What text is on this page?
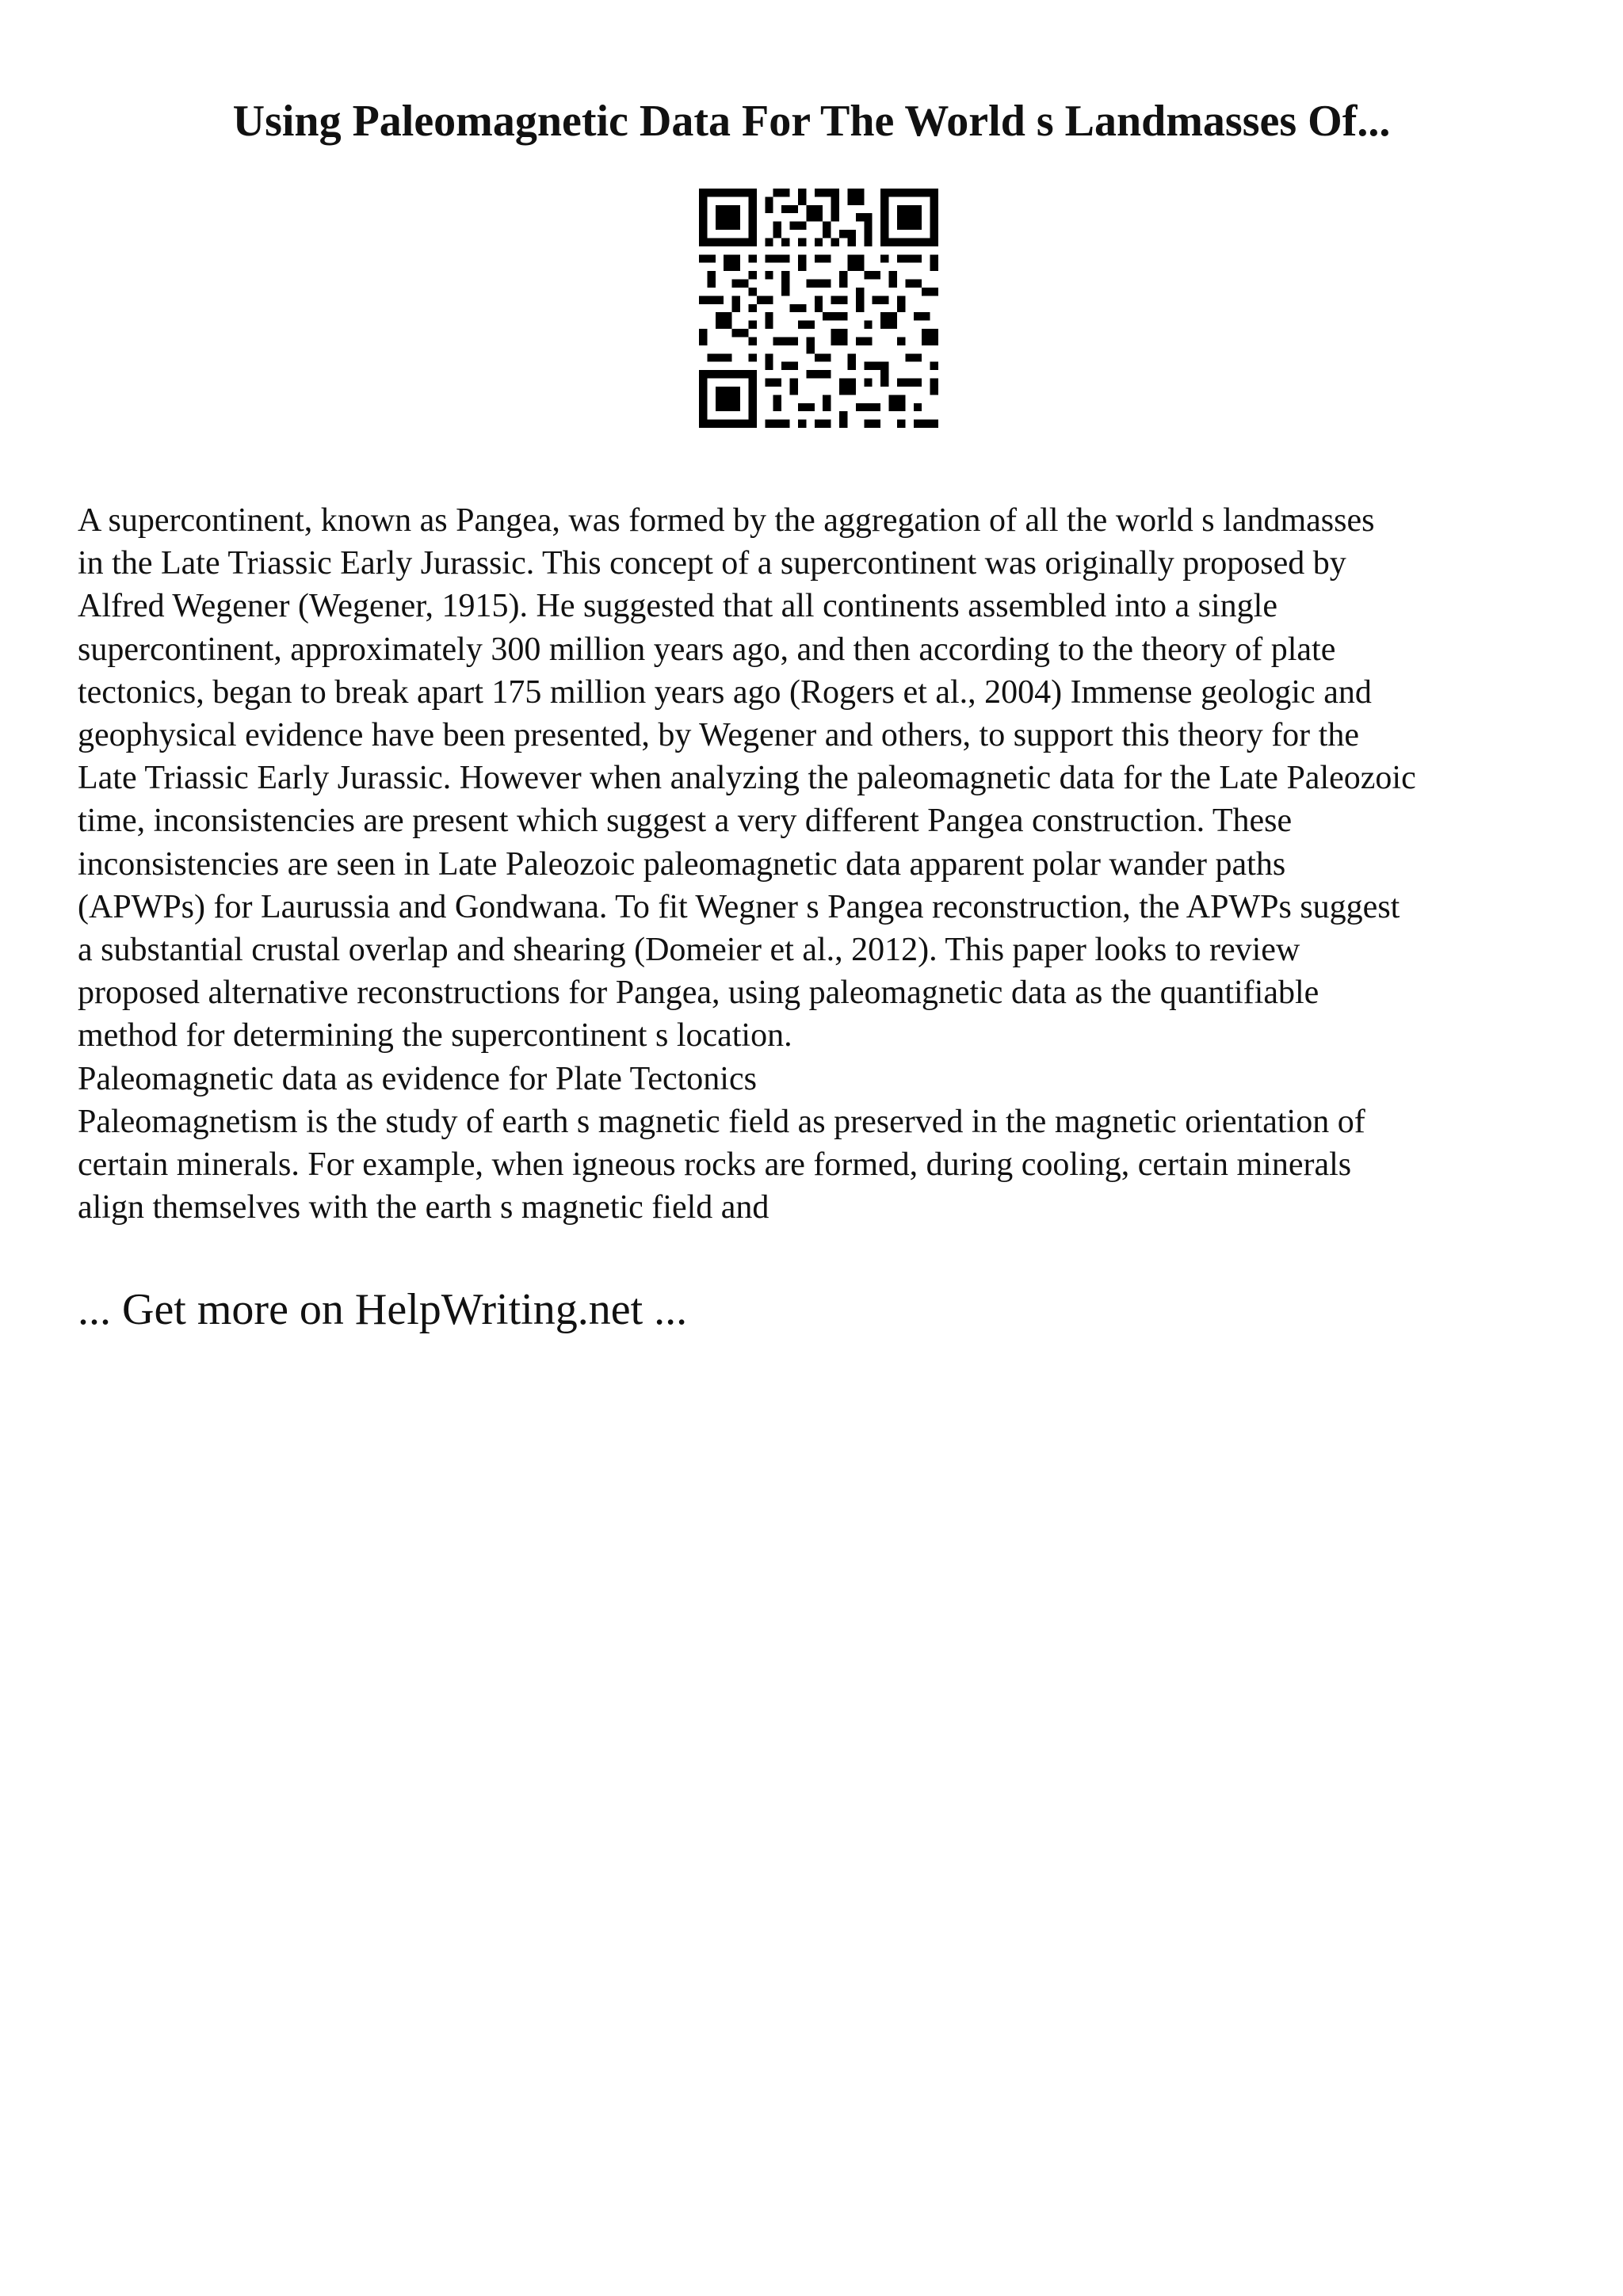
Using Paleomagnetic Data For The World s Landmasses Of...
A supercontinent, known as Pangea, was formed by the aggregation of all the world s landmasses
in the Late Triassic Early Jurassic. This concept of a supercontinent was originally proposed by
Alfred Wegener (Wegener, 1915). He suggested that all continents assembled into a single
supercontinent, approximately 300 million years ago, and then according to the theory of plate
tectonics, began to break apart 175 million years ago (Rogers et al., 2004) Immense geologic and
geophysical evidence have been presented, by Wegener and others, to support this theory for the
Late Triassic Early Jurassic. However when analyzing the paleomagnetic data for the Late Paleozoic
time, inconsistencies are present which suggest a very different Pangea construction. These
inconsistencies are seen in Late Paleozoic paleomagnetic data apparent polar wander paths
(APWPs) for Laurussia and Gondwana. To fit Wegner s Pangea reconstruction, the APWPs suggest
a substantial crustal overlap and shearing (Domeier et al., 2012). This paper looks to review
proposed alternative reconstructions for Pangea, using paleomagnetic data as the quantifiable
method for determining the supercontinent s location.
Paleomagnetic data as evidence for Plate Tectonics
Paleomagnetism is the study of earth s magnetic field as preserved in the magnetic orientation of
certain minerals. For example, when igneous rocks are formed, during cooling, certain minerals
align themselves with the earth s magnetic field and
... Get more on HelpWriting.net ...
